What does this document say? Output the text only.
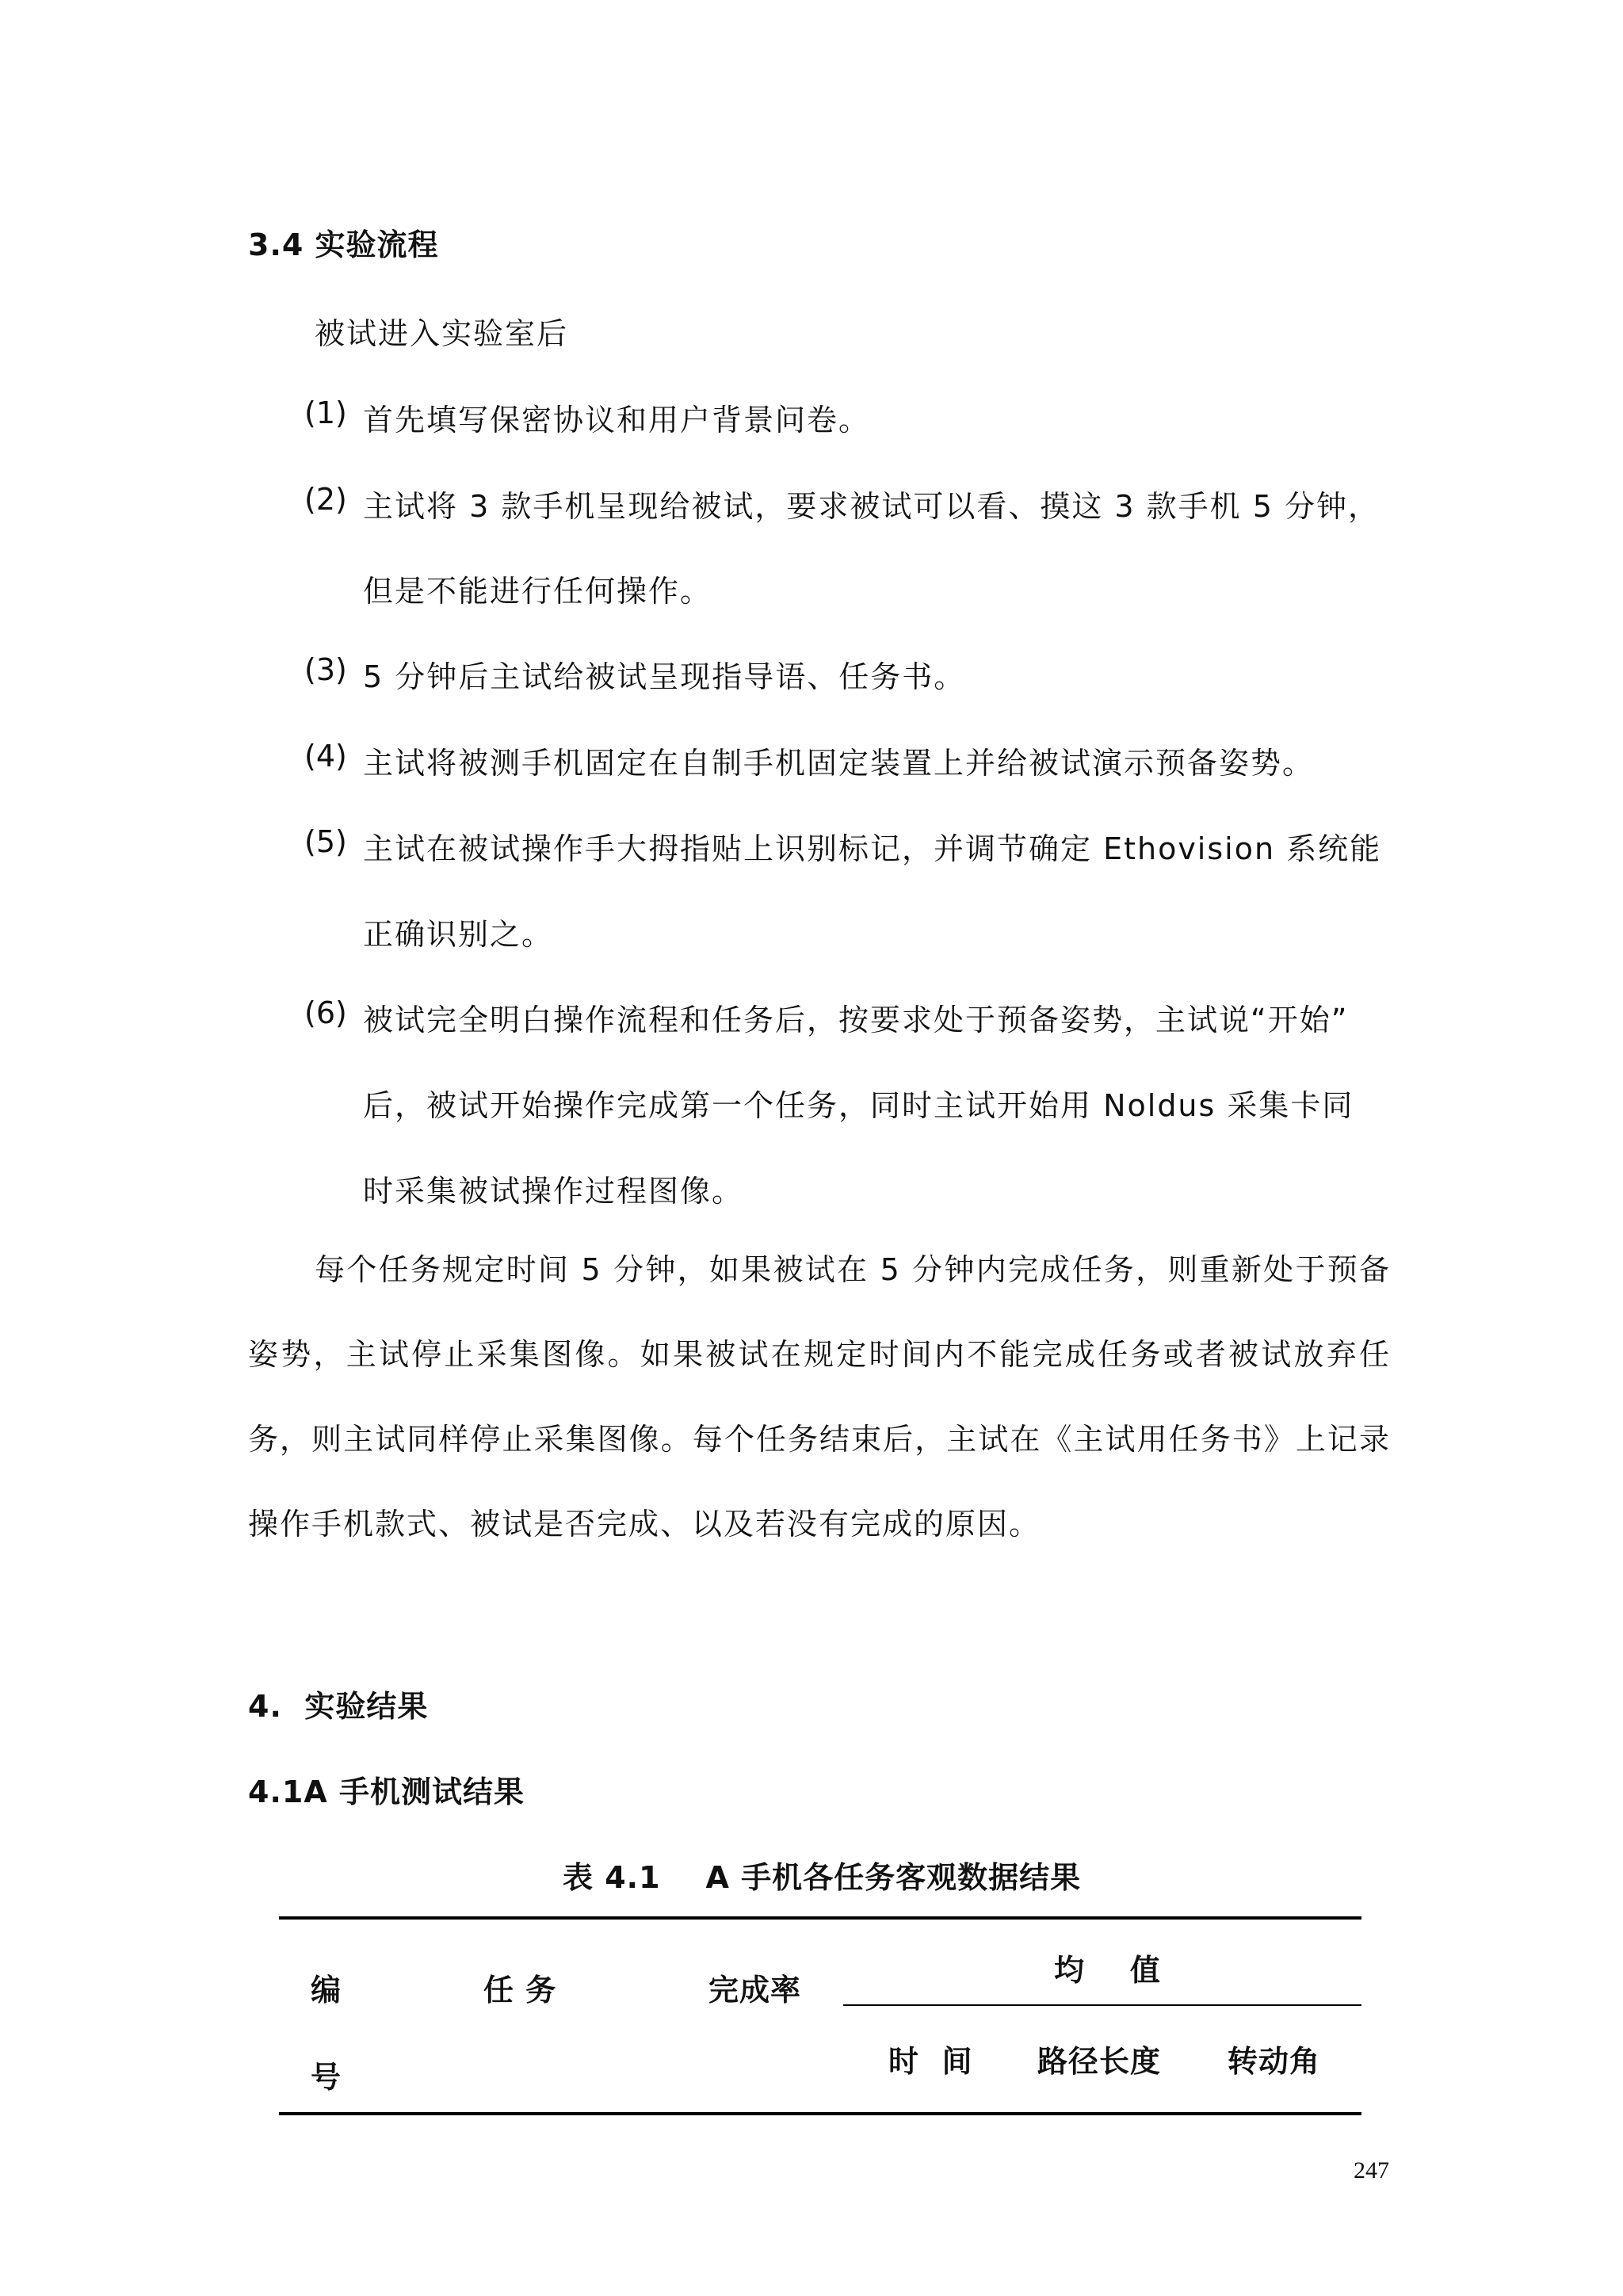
3.4 实验流程
被试进入实验室后
(1) 首先填写保密协议和用户背景问卷。
(2) 主试将 3 款手机呈现给被试，要求被试可以看、摸这 3 款手机 5 分钟，
但是不能进行任何操作。
(3) 5 分钟后主试给被试呈现指导语、任务书。
(4) 主试将被测手机固定在自制手机固定装置上并给被试演示预备姿势。
(5) 主试在被试操作手大拇指贴上识别标记，并调节确定 Ethovision 系统能
正确识别之。
(6) 被试完全明白操作流程和任务后，按要求处于预备姿势，主试说“开始”
后，被试开始操作完成第一个任务，同时主试开始用 Noldus 采集卡同
时采集被试操作过程图像。
每个任务规定时间 5 分钟，如果被试在 5 分钟内完成任务，则重新处于预备姿势，主试停止采集图像。如果被试在规定时间内不能完成任务或者被试放弃任务，则主试同样停止采集图像。每个任务结束后，主试在《主试用任务书》上记录操作手机款式、被试是否完成、以及若没有完成的原因。
4.  实验结果
4.1A 手机测试结果
表 4.1    A 手机各任务客观数据结果
编
号
任 务	完成率
均    值
时  间 路径长度 转动角
247
